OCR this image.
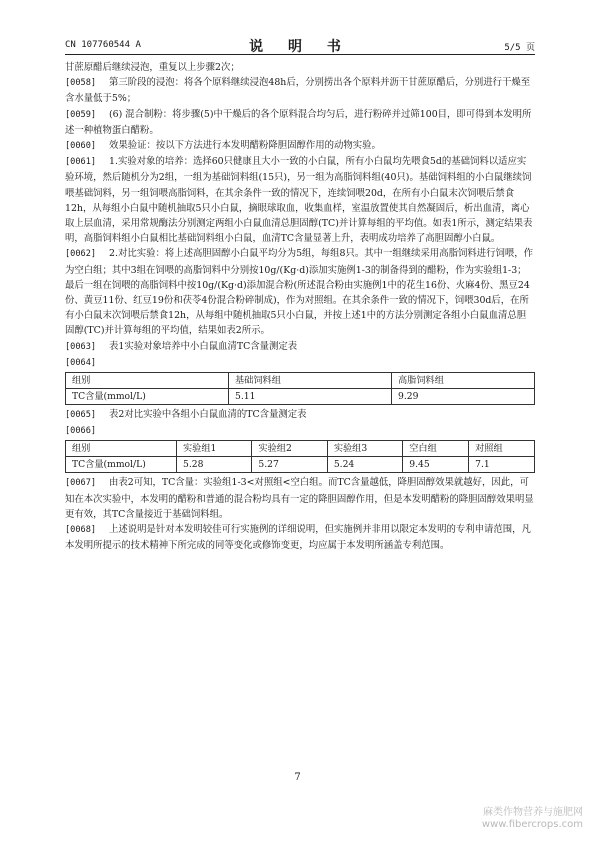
CN 107760544 A	说 明 书	5/5 页

甘蔗原醋后继续浸泡，重复以上步骤2次；

[0058] 第三阶段的浸泡：将各个原料继续浸泡48h后，分别捞出各个原料并沥干甘蔗原醋后，分别进行干燥至含水量低于5%；

[0059] (6) 混合制粉：将步骤(5)中干燥后的各个原料混合均匀后，进行粉碎并过筛100目，即可得到本发明所述一种植物蛋白醋粉。

[0060] 效果验证：按以下方法进行本发明醋粉降胆固醇作用的动物实验。

[0061] 1.实验对象的培养：选择60只健康且大小一致的小白鼠，所有小白鼠均先喂食5d的基础饲料以适应实验环境，然后随机分为2组，一组为基础饲料组(15只)，另一组为高脂饲料组(40只)。基础饲料组的小白鼠继续饲喂基础饲料，另一组饲喂高脂饲料，在其余条件一致的情况下，连续饲喂20d，在所有小白鼠末次饲喂后禁食12h，从每组小白鼠中随机抽取5只小白鼠，摘眼球取血，收集血样，室温放置使其自然凝固后，析出血清，离心取上层血清，采用常规酶法分别测定两组小白鼠血清总胆固醇(TC)并计算每组的平均值。如表1所示，测定结果表明，高脂饲料组小白鼠相比基础饲料组小白鼠，血清TC含量显著上升，表明成功培养了高胆固醇小白鼠。

[0062] 2.对比实验：将上述高胆固醇小白鼠平均分为5组，每组8只。其中一组继续采用高脂饲料进行饲喂，作为空白组；其中3组在饲喂的高脂饲料中分别按10g/(Kg·d)添加实施例1-3的制备得到的醋粉，作为实验组1-3；最后一组在饲喂的高脂饲料中按10g/(Kg·d)添加混合粉(所述混合粉由实施例1中的花生16份、火麻4份、黑豆24份、黄豆11份、红豆19份和茯苓4份混合粉碎制成)，作为对照组。在其余条件一致的情况下，饲喂30d后，在所有小白鼠末次饲喂后禁食12h，从每组中随机抽取5只小白鼠，并按上述1中的方法分别测定各组小白鼠血清总胆固醇(TC)并计算每组的平均值，结果如表2所示。

[0063] 表1实验对象培养中小白鼠血清TC含量测定表

[0064]

组别	基础饲料组	高脂饲料组
TC含量(mmol/L)	5.11	9.29

[0065] 表2对比实验中各组小白鼠血清的TC含量测定表

[0066]

组别	实验组1	实验组2	实验组3	空白组	对照组
TC含量(mmol/L)	5.28	5.27	5.24	9.45	7.1

[0067] 由表2可知，TC含量：实验组1-3<对照组<空白组。而TC含量越低，降胆固醇效果就越好，因此，可知在本次实验中，本发明的醋粉和普通的混合粉均具有一定的降胆固醇作用，但是本发明醋粉的降胆固醇效果明显更有效，其TC含量接近于基础饲料组。

[0068] 上述说明是针对本发明较佳可行实施例的详细说明，但实施例并非用以限定本发明的专利申请范围，凡本发明所提示的技术精神下所完成的同等变化或修饰变更，均应属于本发明所涵盖专利范围。

7
麻类作物营养与施肥网
www.fibercrops.com
